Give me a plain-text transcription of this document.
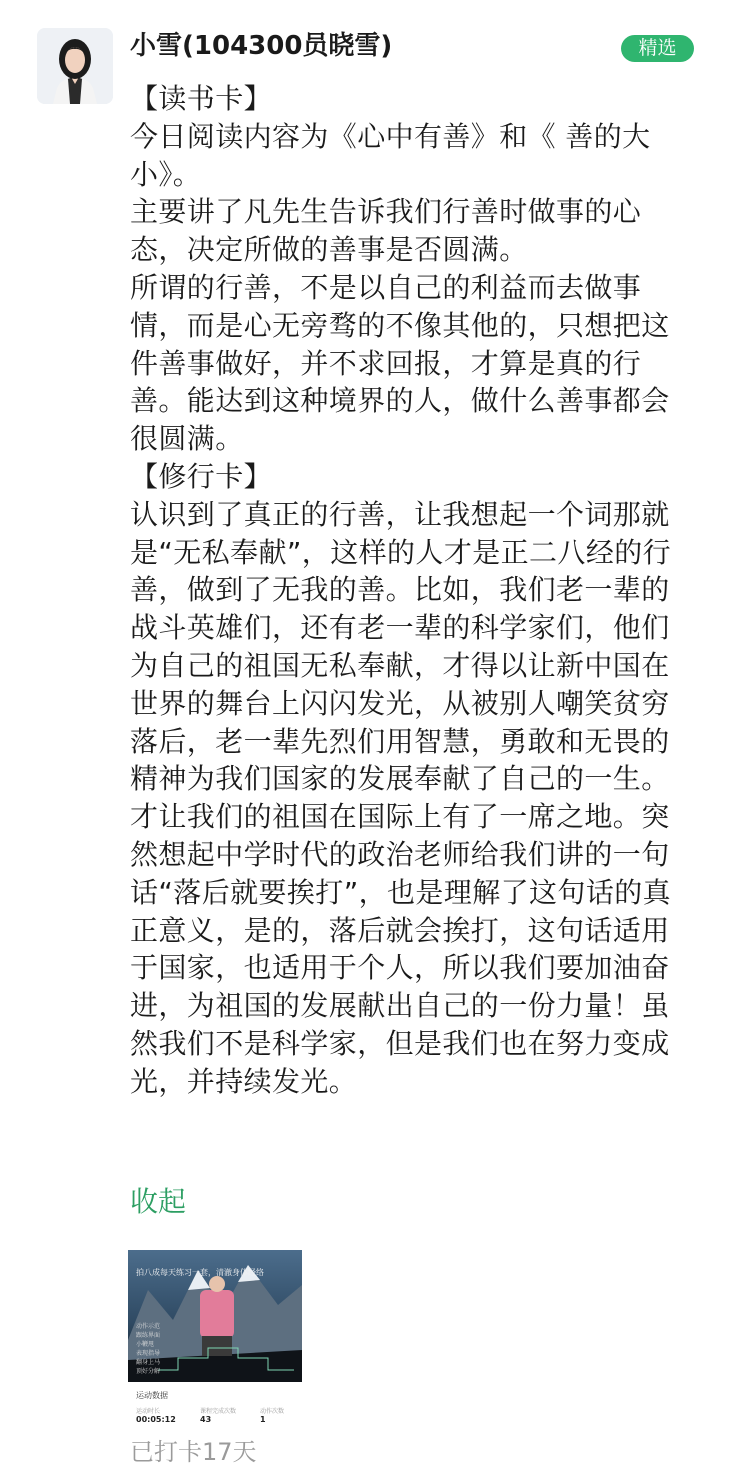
小雪(104300员晓雪)	精选
【读书卡】
今日阅读内容为《心中有善》和《 善的大
小》。
主要讲了凡先生告诉我们行善时做事的心
态，决定所做的善事是否圆满。
所谓的行善，不是以自己的利益而去做事
情，而是心无旁骛的不像其他的，只想把这
件善事做好，并不求回报，才算是真的行
善。能达到这种境界的人，做什么善事都会
很圆满。
【修行卡】
认识到了真正的行善，让我想起一个词那就
是“无私奉献”，这样的人才是正二八经的行
善，做到了无我的善。比如，我们老一辈的
战斗英雄们，还有老一辈的科学家们，他们
为自己的祖国无私奉献，才得以让新中国在
世界的舞台上闪闪发光，从被别人嘲笑贫穷
落后，老一辈先烈们用智慧，勇敢和无畏的
精神为我们国家的发展奉献了自己的一生。
才让我们的祖国在国际上有了一席之地。突
然想起中学时代的政治老师给我们讲的一句
话“落后就要挨打”，也是理解了这句话的真
正意义，是的，落后就会挨打，这句话适用
于国家，也适用于个人，所以我们要加油奋
进，为祖国的发展献出自己的一份力量！虽
然我们不是科学家，但是我们也在努力变成
光，并持续发光。
收起
拍八成每天练习一套，清澈身体经络
动作示范
跟练界面
小鞭甩
表现指导
翻身上马
顶好分解
运动数据
运动时长
00:05:12
课程完成次数
43
动作次数
1
已打卡17天
